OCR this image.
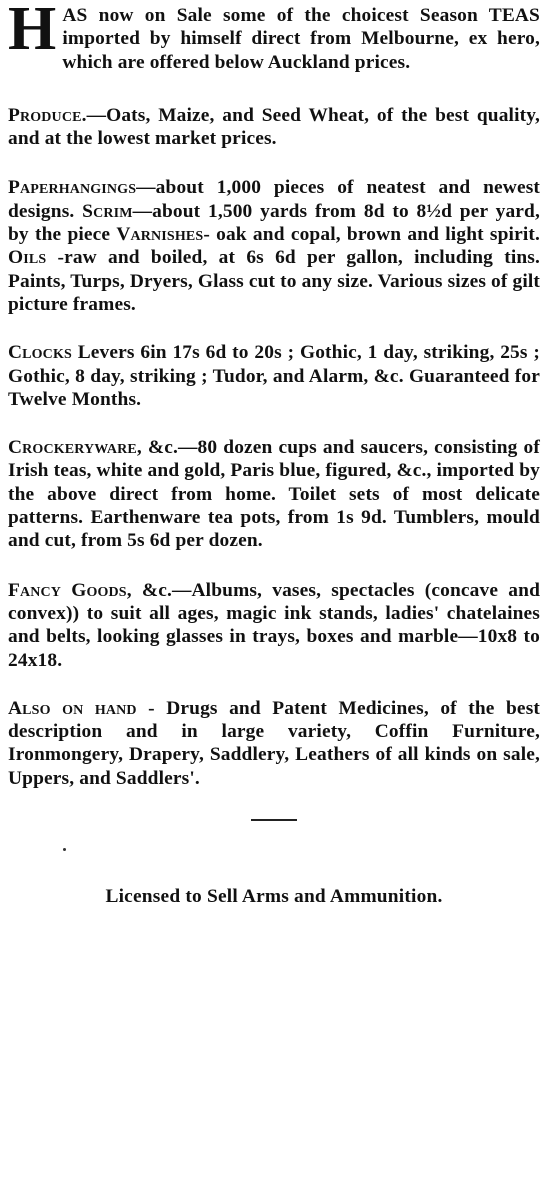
HAS now on Sale some of the choicest Season TEAS imported by himself direct from Melbourne, ex hero, which are offered below Auckland prices.
Produce.—Oats, Maize, and Seed Wheat, of the best quality, and at the lowest market prices.
Paperhangings—about 1,000 pieces of neatest and newest designs. Scrim—about 1,500 yards from 8d to 8½d per yard, by the piece Varnishes- oak and copal, brown and light spirit. Oils -raw and boiled, at 6s 6d per gallon, including tins. Paints, Turps, Dryers, Glass cut to any size. Various sizes of gilt picture frames.
Clocks Levers 6in 17s 6d to 20s ; Gothic, 1 day, striking, 25s ; Gothic, 8 day, striking ; Tudor, and Alarm, &c. Guaranteed for Twelve Months.
Crockeryware, &c.—80 dozen cups and saucers, consisting of Irish teas, white and gold, Paris blue, figured, &c., imported by the above direct from home. Toilet sets of most delicate patterns. Earthenware tea pots, from 1s 9d. Tumblers, mould and cut, from 5s 6d per dozen.
Fancy Goods, &c.—Albums, vases, spectacles (concave and convex)) to suit all ages, magic ink stands, ladies' chatelaines and belts, looking glasses in trays, boxes and marble—10x8 to 24x18.
Also on hand - Drugs and Patent Medicines, of the best description and in large variety, Coffin Furniture, Ironmongery, Drapery, Saddlery, Leathers of all kinds on sale, Uppers, and Saddlers'.
Licensed to Sell Arms and Ammunition.
